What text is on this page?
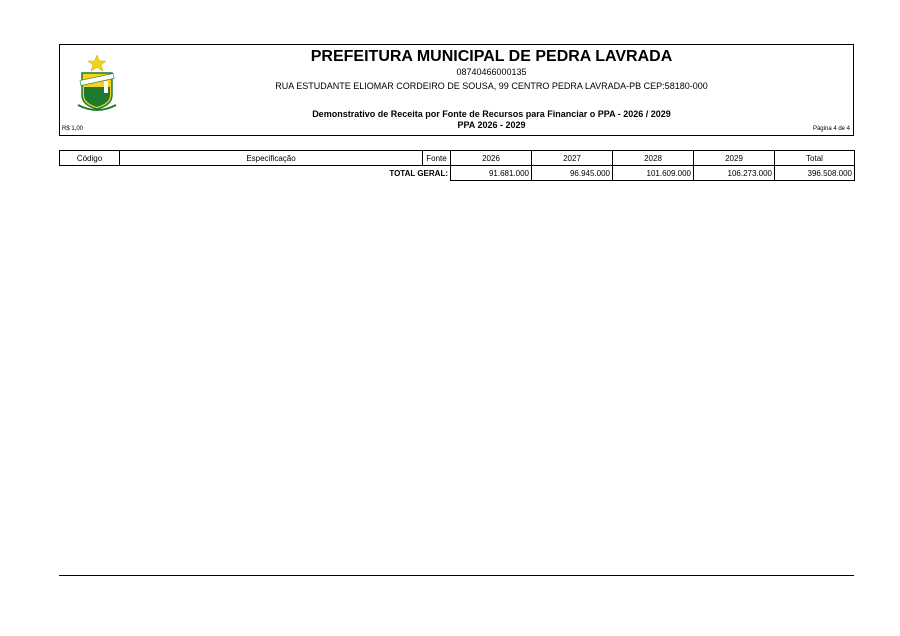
PREFEITURA MUNICIPAL DE PEDRA LAVRADA
08740466000135
RUA ESTUDANTE ELIOMAR CORDEIRO DE SOUSA, 99 CENTRO PEDRA LAVRADA-PB CEP:58180-000
Demonstrativo de Receita por Fonte de Recursos para Financiar o PPA - 2026 / 2029
PPA 2026 - 2029
R$ 1,00	Página 4 de 4
Código	Especificação	Fonte	2026	2027	2028	2029	Total
TOTAL GERAL:			91.681.000	96.945.000	101.609.000	106.273.000	396.508.000
